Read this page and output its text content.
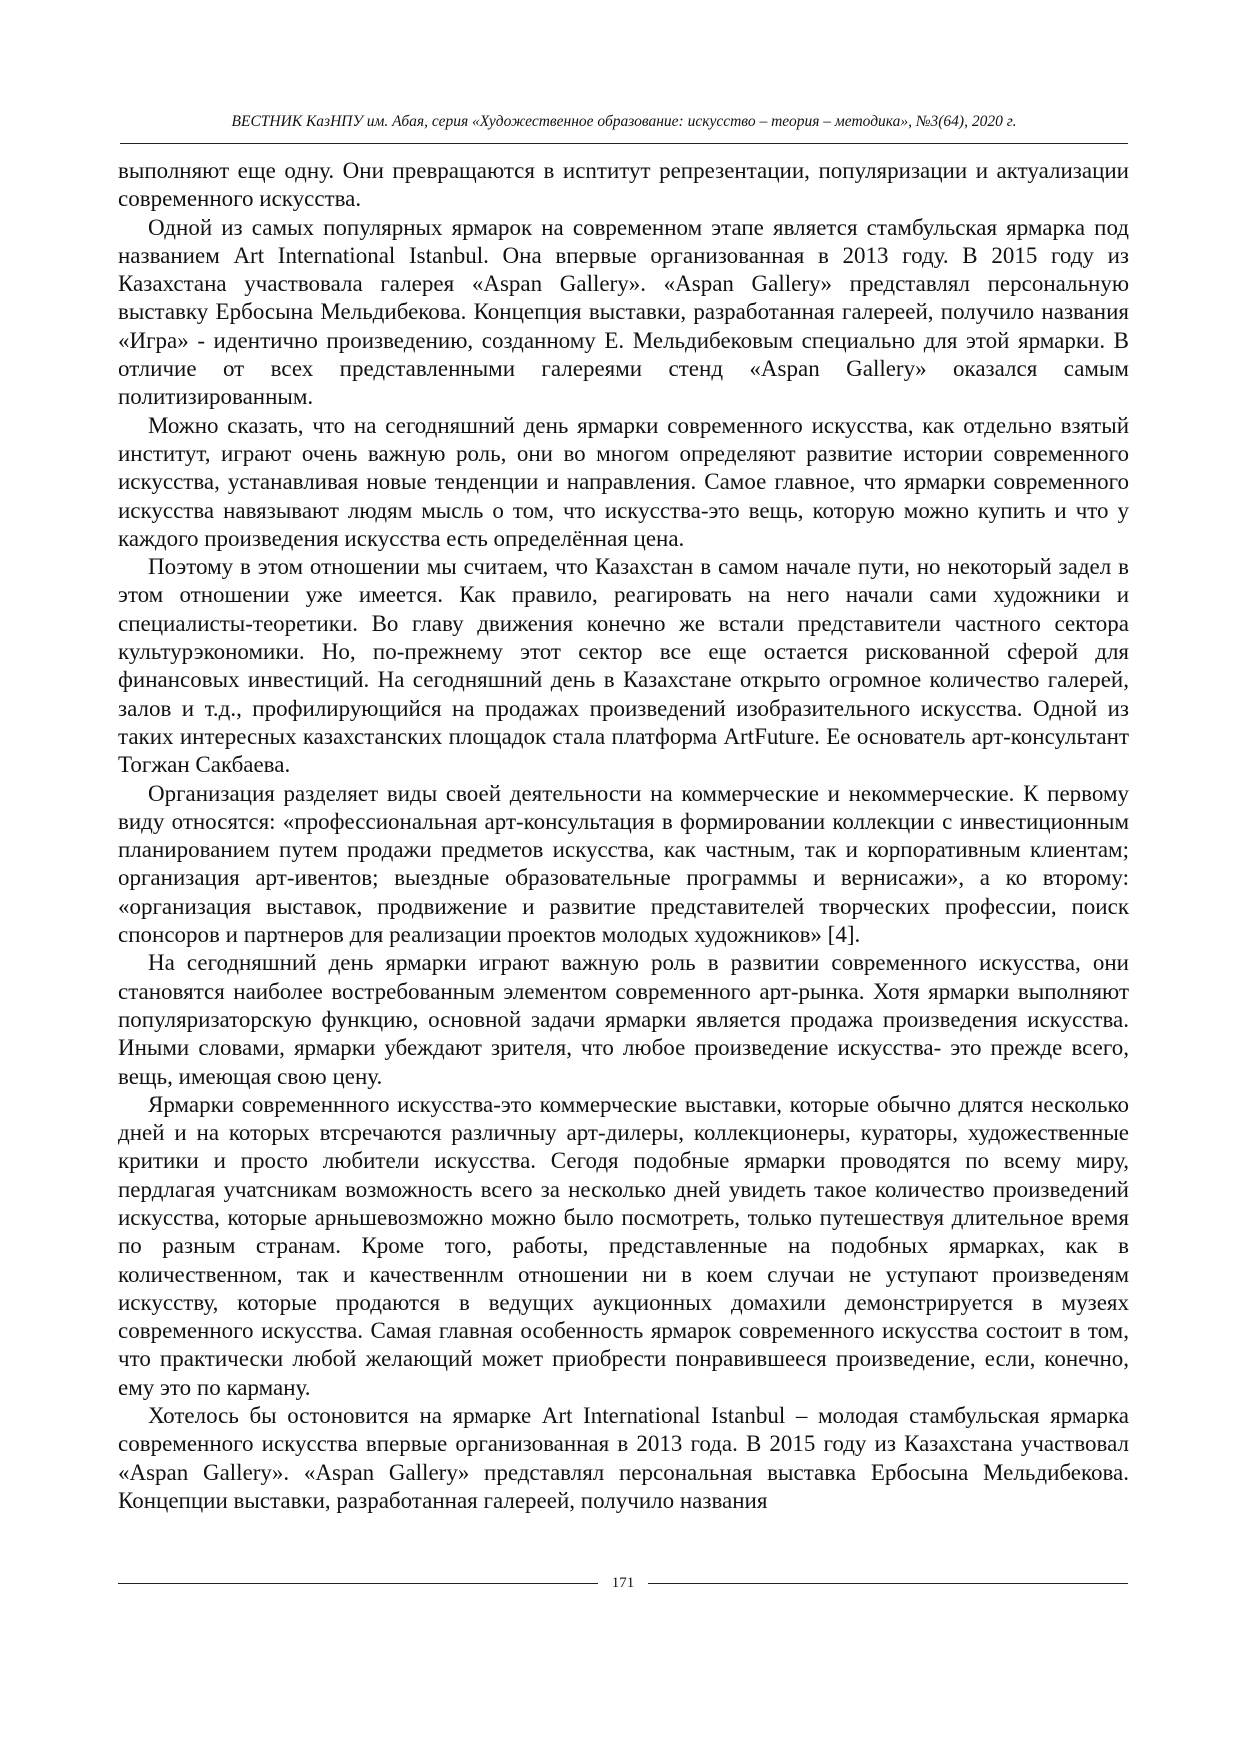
ВЕСТНИК КазНПУ им. Абая, серия «Художественное образование: искусство – теория – методика», №3(64), 2020 г.

выполняют еще одну. Они превращаются в исnтитут репрезентации, популяризации и актуализации современного искусства.

Одной из самых популярных ярмарок на современном этапе является стамбульская ярмарка под названием Art International Istanbul. Она впервые организованная в 2013 году. В 2015 году из Казахстана участвовала галерея «Aspan Gallery». «Aspan Gallery» представлял персональную выставку Ербосына Мельдибекова. Концепция выставки, разработанная галереей, получило названия «Игра» - идентично произведению, созданному Е. Мельдибековым специально для этой ярмарки. В отличие от всех представленными галереями стенд «Aspan Gallery» оказался самым политизированным.

Можно сказать, что на сегодняшний день ярмарки современного искусства, как отдельно взятый институт, играют очень важную роль, они во многом определяют развитие истории современного искусства, устанавливая новые тенденции и направления. Самое главное, что ярмарки современного искусства навязывают людям мысль о том, что искусства-это вещь, которую можно купить и что у каждого произведения искусства есть определённая цена.

Поэтому в этом отношении мы считаем, что Казахстан в самом начале пути, но некоторый задел в этом отношении уже имеется. Как правило, реагировать на него начали сами художники и специалисты-теоретики. Во главу движения конечно же встали представители частного сектора культурэкономики. Но, по-прежнему этот сектор все еще остается рискованной сферой для финансовых инвестиций. На сегодняшний день в Казахстане открыто огромное количество галерей, залов и т.д., профилирующийся на продажах произведений изобразительного искусства. Одной из таких интересных казахстанских площадок стала платформа ArtFuture. Ее основатель арт-консультант Тогжан Сакбаева.

Организация разделяет виды своей деятельности на коммерческие и некоммерческие. К первому виду относятся: «профессиональная арт-консультация в формировании коллекции с инвестиционным планированием путем продажи предметов искусства, как частным, так и корпоративным клиентам; организация арт-ивентов; выездные образовательные программы и вернисажи», а ко второму: «организация выставок, продвижение и развитие представителей творческих профессии, поиск спонсоров и партнеров для реализации проектов молодых художников» [4].

На сегодняшний день ярмарки играют важную роль в развитии современного искусства, они становятся наиболее востребованным элементом современного арт-рынка. Хотя ярмарки выполняют популяризаторскую функцию, основной задачи ярмарки является продажа произведения искусства. Иными словами, ярмарки убеждают зрителя, что любое произведение искусства- это прежде всего, вещь, имеющая свою цену.

Ярмарки современнного искусства-это коммерческие выставки, которые обычно длятся несколько дней и на которых втсречаются различныу арт-дилеры, коллекционеры, кураторы, художественные критики и просто любители искусства. Сегодя подобные ярмарки проводятся по всему миру, пердлагая учатсникам возможность всего за несколько дней увидеть такое количество произведений искусства, которые арньшевозможно можно было посмотреть, только путешествуя длительное время по разным странам. Кроме того, работы, представленные на подобных ярмарках, как в количественном, так и качественнлм отношении ни в коем случаи не уступают произведеням искусству, которые продаются в ведущих аукционных домахили демонстрируется в музеях современного искусства. Самая главная особенность ярмарок современного искусства состоит в том, что практически любой желающий может приобрести понравившееся произведение, если, конечно, ему это по карману.

Хотелось бы остоновится на ярмарке Art International Istanbul – молодая стамбульская ярмарка современного искусства впервые организованная в 2013 года. В 2015 году из Казахстана участвовал «Aspan Gallery». «Aspan Gallery» представлял персональная выставка Ербосына Мельдибекова. Концепции выставки, разработанная галереей, получило названия

171
